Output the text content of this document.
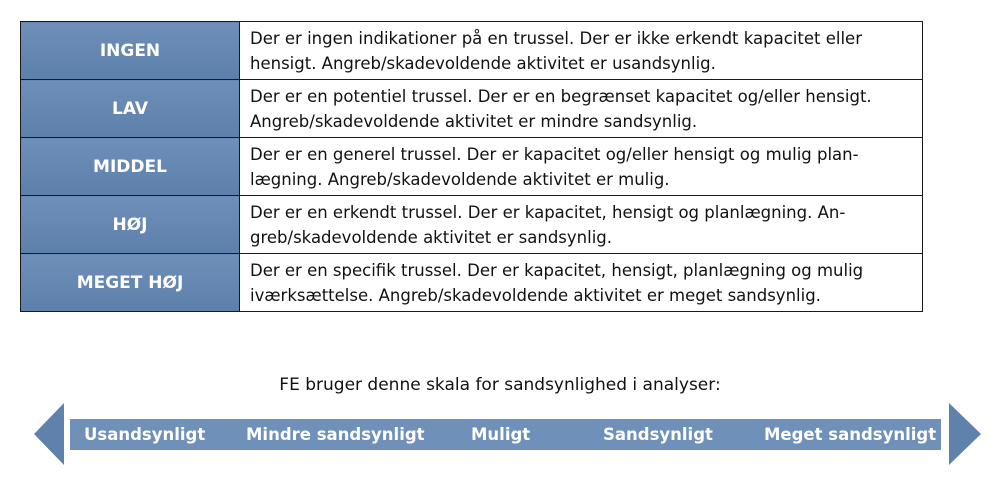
INGEN	Der er ingen indikationer på en trussel. Der er ikke erkendt kapacitet eller
hensigt. Angreb/skadevoldende aktivitet er usandsynlig.

LAV	Der er en potentiel trussel. Der er en begrænset kapacitet og/eller hensigt.
Angreb/skadevoldende aktivitet er mindre sandsynlig.

MIDDEL	Der er en generel trussel. Der er kapacitet og/eller hensigt og mulig plan-
lægning. Angreb/skadevoldende aktivitet er mulig.

HØJ	Der er en erkendt trussel. Der er kapacitet, hensigt og planlægning. An-
greb/skadevoldende aktivitet er sandsynlig.

MEGET HØJ	Der er en specifik trussel. Der er kapacitet, hensigt, planlægning og mulig
iværksættelse. Angreb/skadevoldende aktivitet er meget sandsynlig.
FE bruger denne skala for sandsynlighed i analyser:
Usandsynligt Mindre sandsynligt	Muligt	Sandsynligt	Meget sandsynligt
